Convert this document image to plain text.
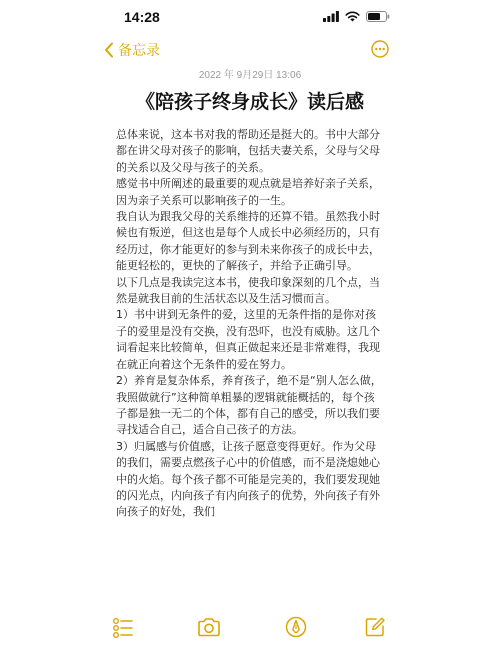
14:28
备忘录
2022 年 9月29日 13:06
《陪孩子终身成长》读后感

总体来说，这本书对我的帮助还是挺大的。书中大部分都在讲父母对孩子的影响，包括夫妻关系，父母与父母的关系以及父母与孩子的关系。

感觉书中所阐述的最重要的观点就是培养好亲子关系，因为亲子关系可以影响孩子的一生。

我自认为跟我父母的关系维持的还算不错。虽然我小时候也有叛逆，但这也是每个人成长中必须经历的，只有经历过，你才能更好的参与到未来你孩子的成长中去，能更轻松的，更快的了解孩子，并给予正确引导。

以下几点是我读完这本书，使我印象深刻的几个点，当然是就我目前的生活状态以及生活习惯而言。

1）书中讲到无条件的爱，这里的无条件指的是你对孩子的爱里是没有交换，没有恐吓，也没有威胁。这几个词看起来比较简单，但真正做起来还是非常难得，我现在就正向着这个无条件的爱在努力。

2）养育是复杂体系，养育孩子，绝不是“别人怎么做，我照做就行”这种简单粗暴的逻辑就能概括的，每个孩子都是独一无二的个体，都有自己的感受，所以我们要寻找适合自己，适合自己孩子的方法。

3）归属感与价值感，让孩子愿意变得更好。作为父母的我们，需要点燃孩子心中的价值感，而不是浇熄她心中的火焰。每个孩子都不可能是完美的，我们要发现她的闪光点，内向孩子有内向孩子的优势，外向孩子有外向孩子的好处，我们
